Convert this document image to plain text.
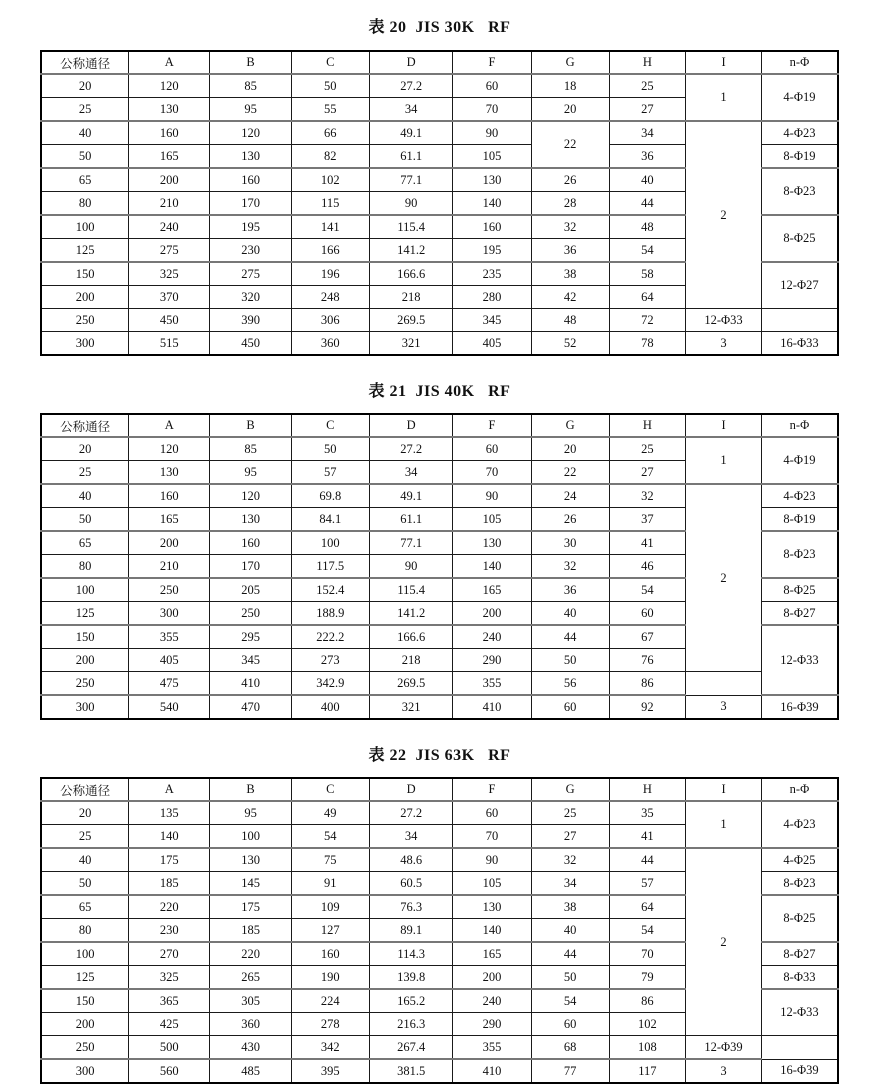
表 20  JIS 30K   RF
公称通径	A	B	C	D	F	G	H	I	n-Φ
20	120	85	50	27.2	60	18	25	1	4-Φ19
25	130	95	55	34	70	20	27		
40	160	120	66	49.1	90	22	34	2	4-Φ23
50	165	130	82	61.1	105		36		8-Φ19
65	200	160	102	77.1	130	26	40		8-Φ23
80	210	170	115	90	140	28	44		
100	240	195	141	115.4	160	32	48		8-Φ25
125	275	230	166	141.2	195	36	54		
150	325	275	196	166.6	235	38	58		12-Φ27
200	370	320	248	218	280	42	64		
250	450	390	306	269.5	345	48	72	12-Φ33	
300	515	450	360	321	405	52	78	3	16-Φ33
表 21  JIS 40K   RF
公称通径	A	B	C	D	F	G	H	I	n-Φ
20	120	85	50	27.2	60	20	25	1	4-Φ19
25	130	95	57	34	70	22	27		
40	160	120	69.8	49.1	90	24	32	2	4-Φ23
50	165	130	84.1	61.1	105	26	37		8-Φ19
65	200	160	100	77.1	130	30	41		8-Φ23
80	210	170	117.5	90	140	32	46		
100	250	205	152.4	115.4	165	36	54		8-Φ25
125	300	250	188.9	141.2	200	40	60		8-Φ27
150	355	295	222.2	166.6	240	44	67		12-Φ33
200	405	345	273	218	290	50	76		
250	475	410	342.9	269.5	355	56	86		
300	540	470	400	321	410	60	92	3	16-Φ39
表 22  JIS 63K   RF
公称通径	A	B	C	D	F	G	H	I	n-Φ
20	135	95	49	27.2	60	25	35	1	4-Φ23
25	140	100	54	34	70	27	41		
40	175	130	75	48.6	90	32	44	2	4-Φ25
50	185	145	91	60.5	105	34	57		8-Φ23
65	220	175	109	76.3	130	38	64		8-Φ25
80	230	185	127	89.1	140	40	54		
100	270	220	160	114.3	165	44	70		8-Φ27
125	325	265	190	139.8	200	50	79		8-Φ33
150	365	305	224	165.2	240	54	86		12-Φ33
200	425	360	278	216.3	290	60	102		
250	500	430	342	267.4	355	68	108	12-Φ39	
300	560	485	395	381.5	410	77	117	3	16-Φ39
